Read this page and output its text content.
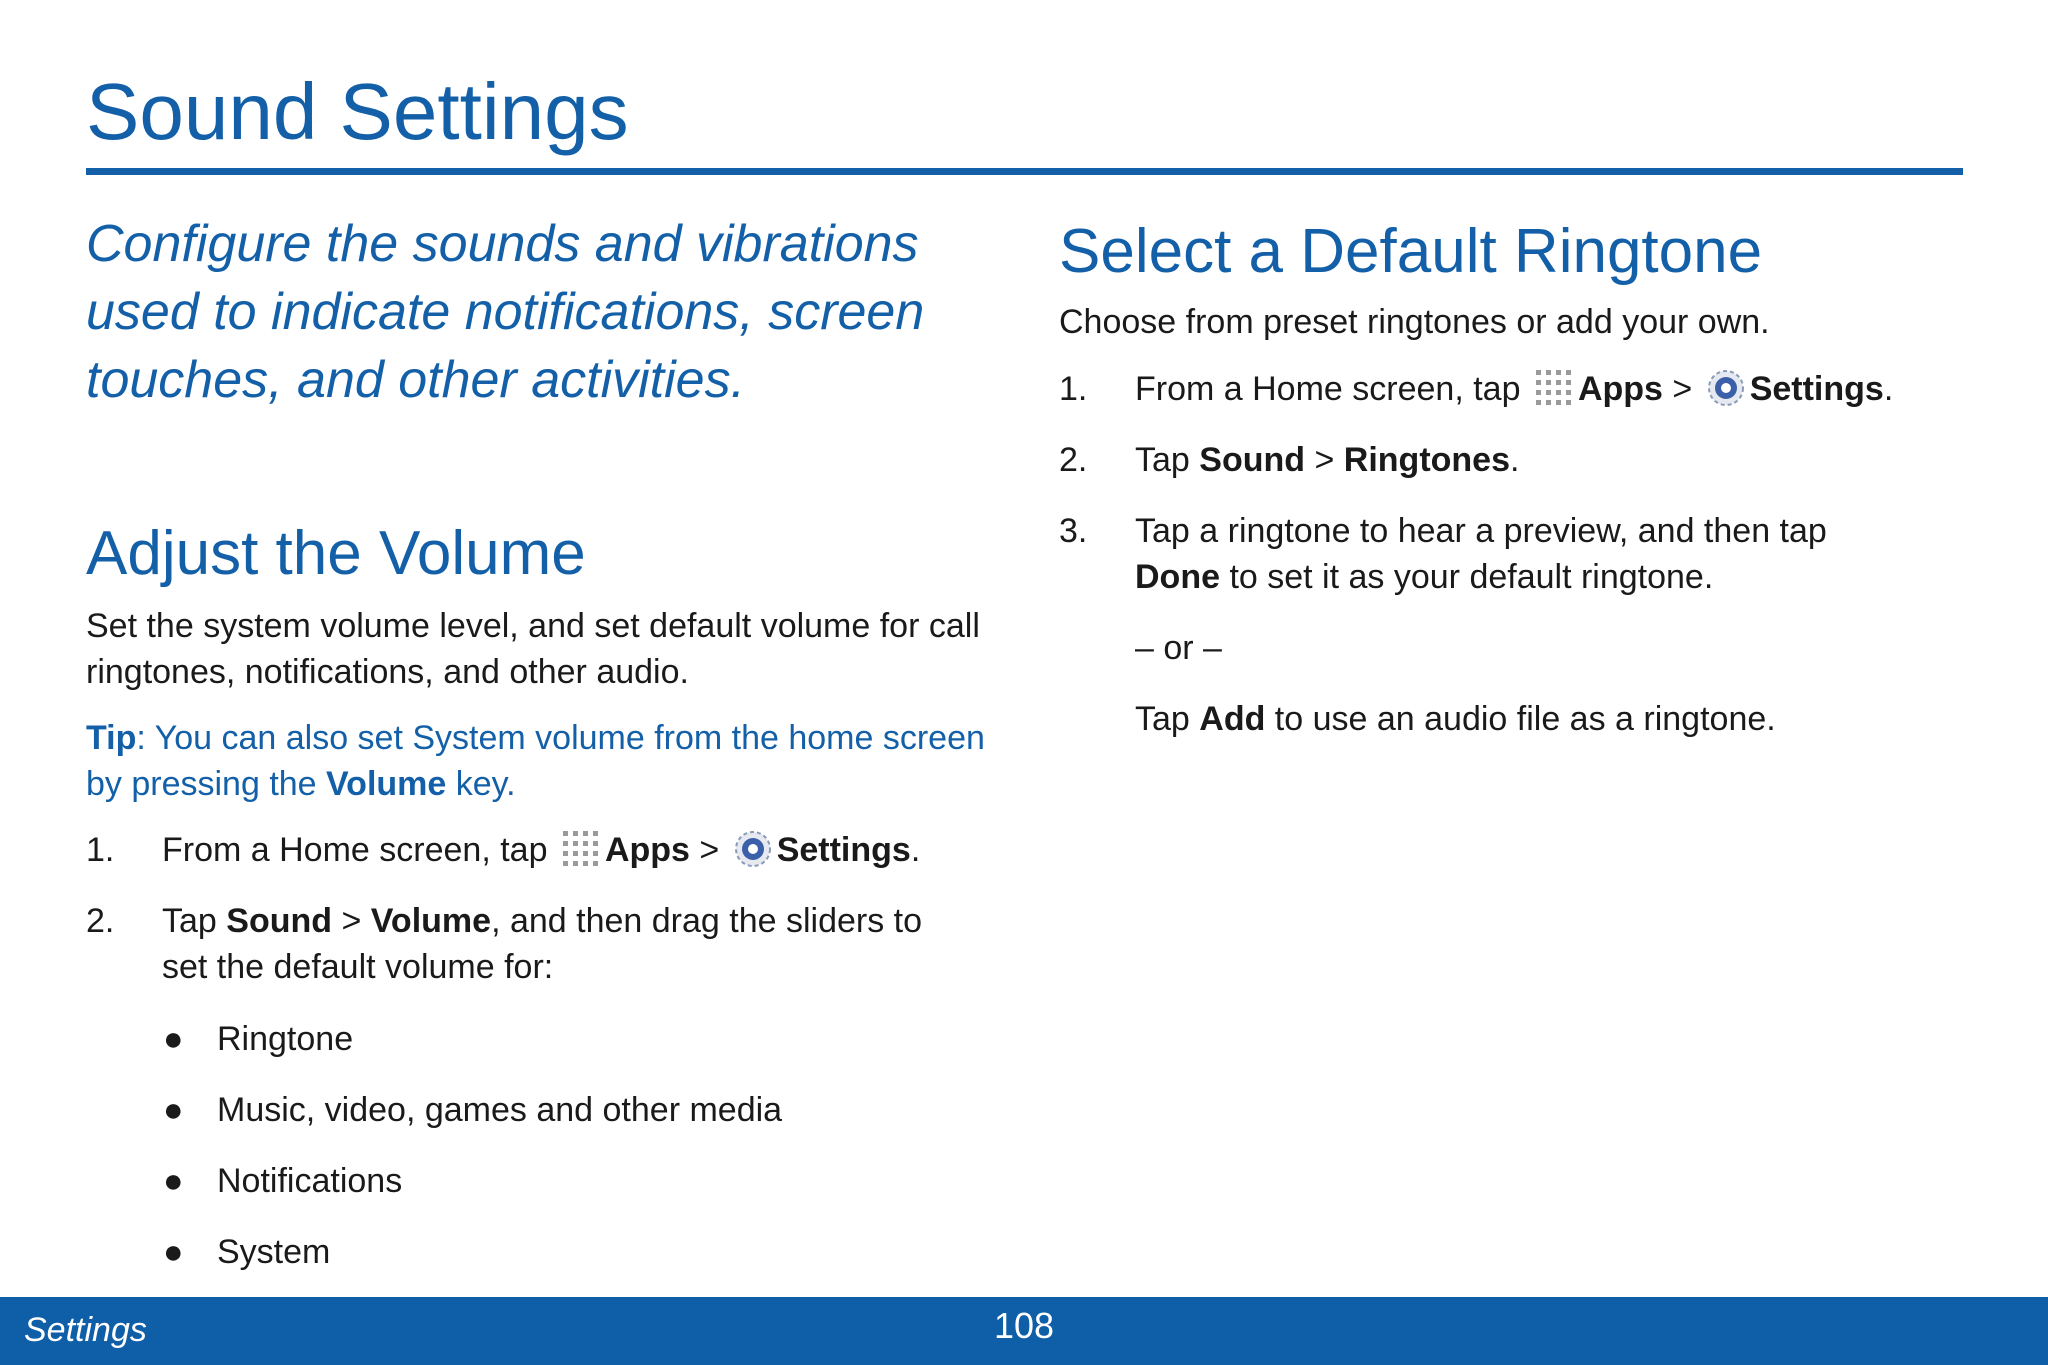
Sound Settings

Configure the sounds and vibrations used to indicate notifications, screen touches, and other activities.

Adjust the Volume

Set the system volume level, and set default volume for call ringtones, notifications, and other audio.

Tip: You can also set System volume from the home screen by pressing the Volume key.

1. From a Home screen, tap Apps > Settings.
2. Tap Sound > Volume, and then drag the sliders to
set the default volume for:
● Ringtone
● Music, video, games and other media
● Notifications
● System
Select a Default Ringtone

Choose from preset ringtones or add your own.

1. From a Home screen, tap Apps > Settings.
2. Tap Sound > Ringtones.
3. Tap a ringtone to hear a preview, and then tap
Done to set it as your default ringtone.
– or –
Tap Add to use an audio file as a ringtone.
Settings	108
